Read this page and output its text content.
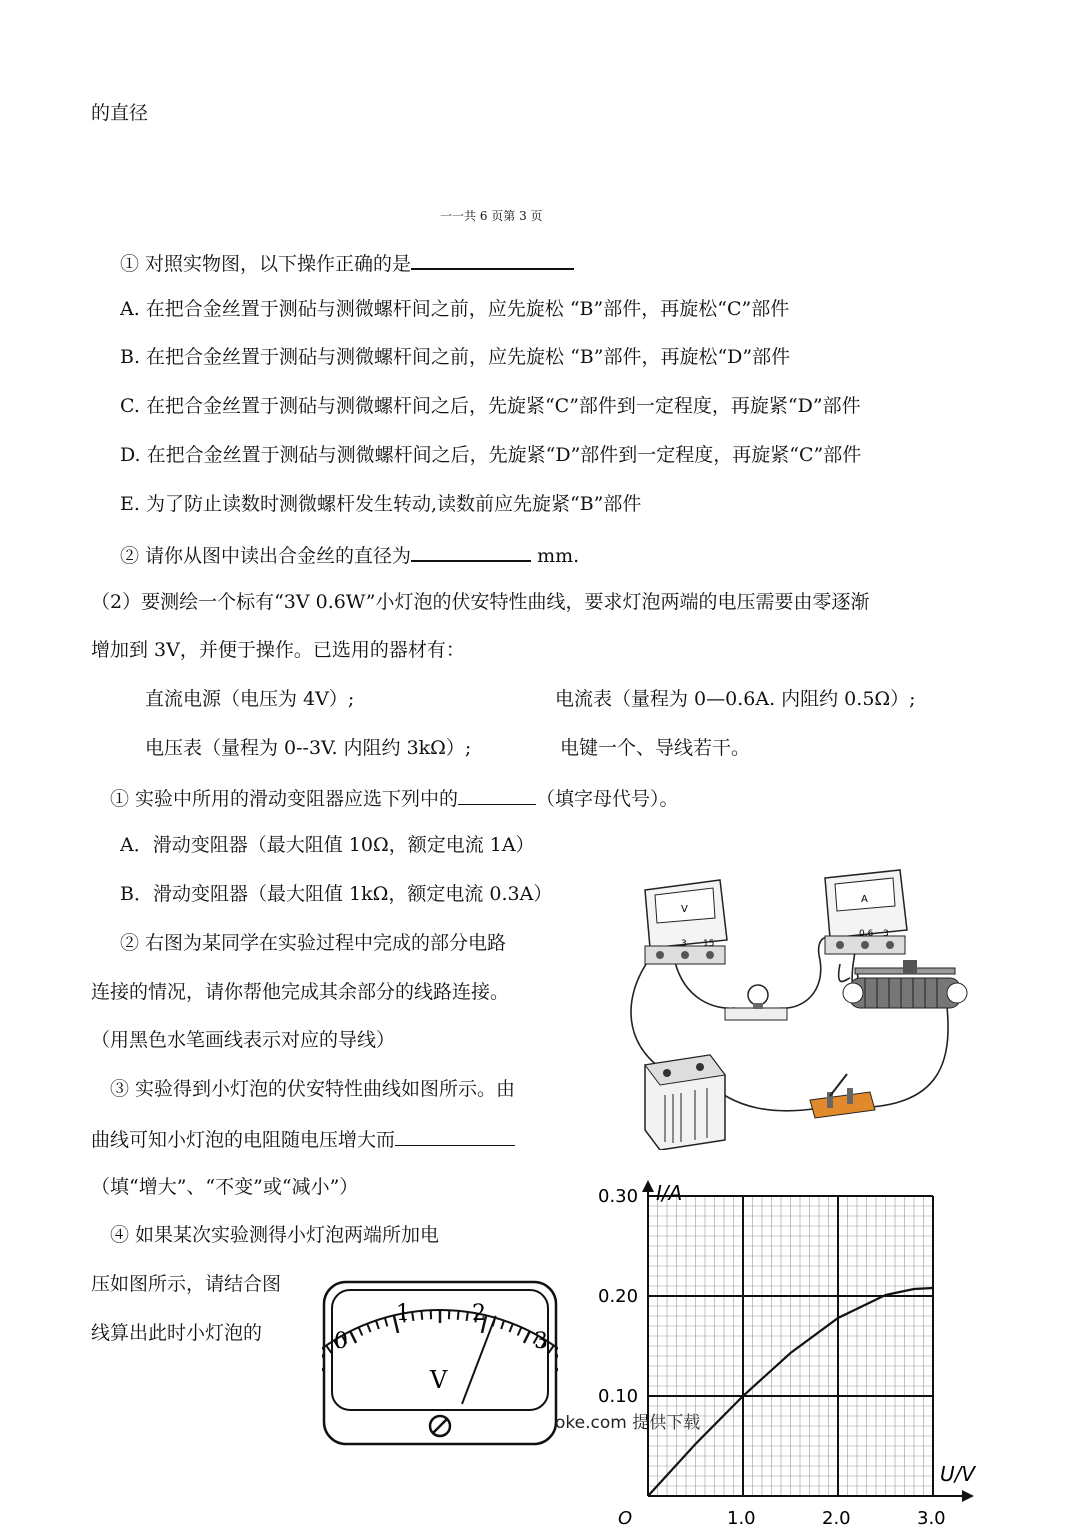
的直径
一一共 6 页第 3 页
① 对照实物图，以下操作正确的是
A. 在把合金丝置于测砧与测微螺杆间之前，应先旋松 “B”部件，再旋松“C”部件
B. 在把合金丝置于测砧与测微螺杆间之前，应先旋松 “B”部件，再旋松“D”部件
C. 在把合金丝置于测砧与测微螺杆间之后，先旋紧“C”部件到一定程度，再旋紧“D”部件
D. 在把合金丝置于测砧与测微螺杆间之后，先旋紧“D”部件到一定程度，再旋紧“C”部件
E. 为了防止读数时测微螺杆发生转动,读数前应先旋紧“B”部件
② 请你从图中读出合金丝的直径为	mm.
（2）要测绘一个标有“3V 0.6W”小灯泡的伏安特性曲线，要求灯泡两端的电压需要由零逐渐
增加到 3V，并便于操作。已选用的器材有：
直流电源（电压为 4V）;	电流表（量程为 0—0.6A. 内阻约 0.5Ω）;
电压表（量程为 0--3V. 内阻约 3kΩ）;	电键一个、导线若干。
① 实验中所用的滑动变阻器应选下列中的	（填字母代号）。
A．滑动变阻器（最大阻值 10Ω，额定电流 1A）
B．滑动变阻器（最大阻值 1kΩ，额定电流 0.3A）
② 右图为某同学在实验过程中完成的部分电路
连接的情况，请你帮他完成其余部分的线路连接。
（用黑色水笔画线表示对应的导线）
③ 实验得到小灯泡的伏安特性曲线如图所示。由
曲线可知小灯泡的电阻随电压增大而
（填“增大”、“不变”或“减小”）
④ 如果某次实验测得小灯泡两端所加电
压如图所示，请结合图
线算出此时小灯泡的
V
3 15
A
0.6 3
0
1	2
3
V
oke.com 提供下载
I/A
U/V
O	1.0	2.0	3.0
0.10
0.20
0.30
